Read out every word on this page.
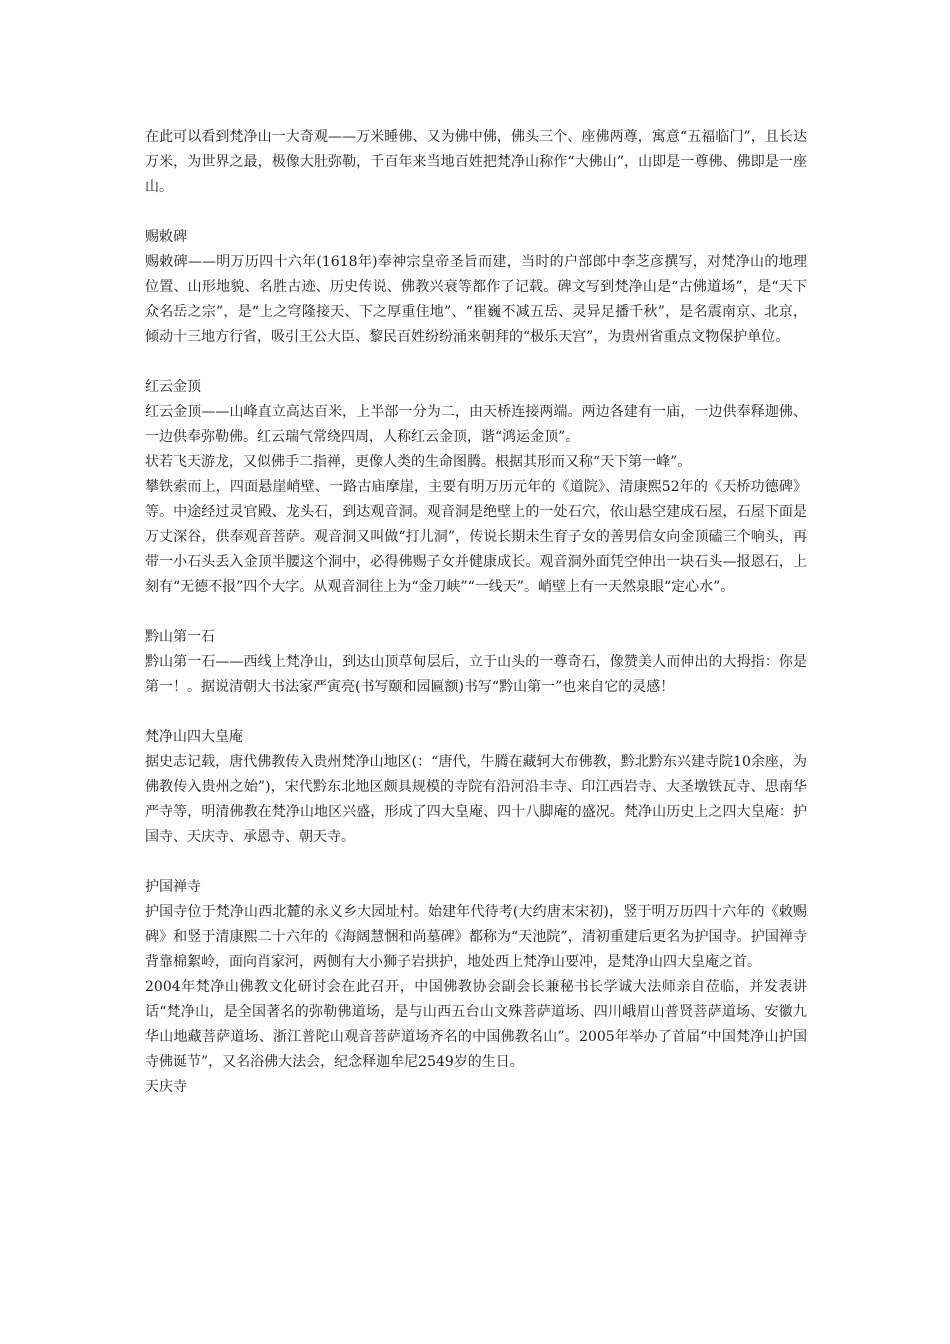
在此可以看到梵净山一大奇观——万米睡佛、又为佛中佛，佛头三个、座佛两尊，寓意“五福临门”，且长达万米，为世界之最，极像大肚弥勒，千百年来当地百姓把梵净山称作“大佛山”，山即是一尊佛、佛即是一座山。

赐敕碑

赐敕碑——明万历四十六年(1618年)奉神宗皇帝圣旨而建，当时的户部郎中李芝彦撰写，对梵净山的地理位置、山形地貌、名胜古迹、历史传说、佛教兴衰等都作了记载。碑文写到梵净山是“古佛道场”，是“天下众名岳之宗”，是“上之穹隆接天、下之厚重住地”、“崔巍不减五岳、灵异足播千秋”，是名震南京、北京，倾动十三地方行省，吸引王公大臣、黎民百姓纷纷涌来朝拜的“极乐天宫”，为贵州省重点文物保护单位。

红云金顶

红云金顶——山峰直立高达百米，上半部一分为二，由天桥连接两端。两边各建有一庙，一边供奉释迦佛、一边供奉弥勒佛。红云瑞气常绕四周，人称红云金顶，谐“鸿运金顶”。

状若飞天游龙，又似佛手二指禅，更像人类的生命图腾。根据其形而又称“天下第一峰”。

攀铁索而上，四面悬崖峭壁、一路古庙摩崖，主要有明万历元年的《道院》、清康熙52年的《天桥功德碑》等。中途经过灵官殿、龙头石，到达观音洞。观音洞是绝壁上的一处石穴，依山悬空建成石屋，石屋下面是万丈深谷，供奉观音菩萨。观音洞又叫做“打儿洞”，传说长期未生育子女的善男信女向金顶磕三个响头，再带一小石头丢入金顶半腰这个洞中，必得佛赐子女并健康成长。观音洞外面凭空伸出一块石头—报恩石，上刻有“无德不报”四个大字。从观音洞往上为“金刀峡”“一线天”。峭壁上有一天然泉眼“定心水”。

黔山第一石

黔山第一石——西线上梵净山，到达山顶草甸层后，立于山头的一尊奇石，像赞美人而伸出的大拇指：你是第一！。据说清朝大书法家严寅亮(书写颐和园匾额)书写“黔山第一”也来自它的灵感！

梵净山四大皇庵

据史志记载，唐代佛教传入贵州梵净山地区(：“唐代，牛腾在藏轲大布佛教，黔北黔东兴建寺院10余座，为佛教传入贵州之始”)，宋代黔东北地区颇具规模的寺院有沿河沿丰寺、印江西岩寺、大圣墩铁瓦寺、思南华严寺等，明清佛教在梵净山地区兴盛，形成了四大皇庵、四十八脚庵的盛况。梵净山历史上之四大皇庵：护国寺、天庆寺、承恩寺、朝天寺。

护国禅寺

护国寺位于梵净山西北麓的永义乡大园址村。始建年代待考(大约唐末宋初)，竖于明万历四十六年的《敕赐碑》和竖于清康熙二十六年的《海阔慧悃和尚墓碑》都称为“天池院”，清初重建后更名为护国寺。护国禅寺背靠棉絮岭，面向肖家河，两侧有大小狮子岩拱护，地处西上梵净山要冲，是梵净山四大皇庵之首。

2004年梵净山佛教文化研讨会在此召开，中国佛教协会副会长兼秘书长学诚大法师亲自莅临，并发表讲话“梵净山，是全国著名的弥勒佛道场，是与山西五台山文殊菩萨道场、四川峨眉山普贤菩萨道场、安徽九华山地藏菩萨道场、浙江普陀山观音菩萨道场齐名的中国佛教名山”。2005年举办了首届“中国梵净山护国寺佛诞节”，又名浴佛大法会，纪念释迦牟尼2549岁的生日。

天庆寺
